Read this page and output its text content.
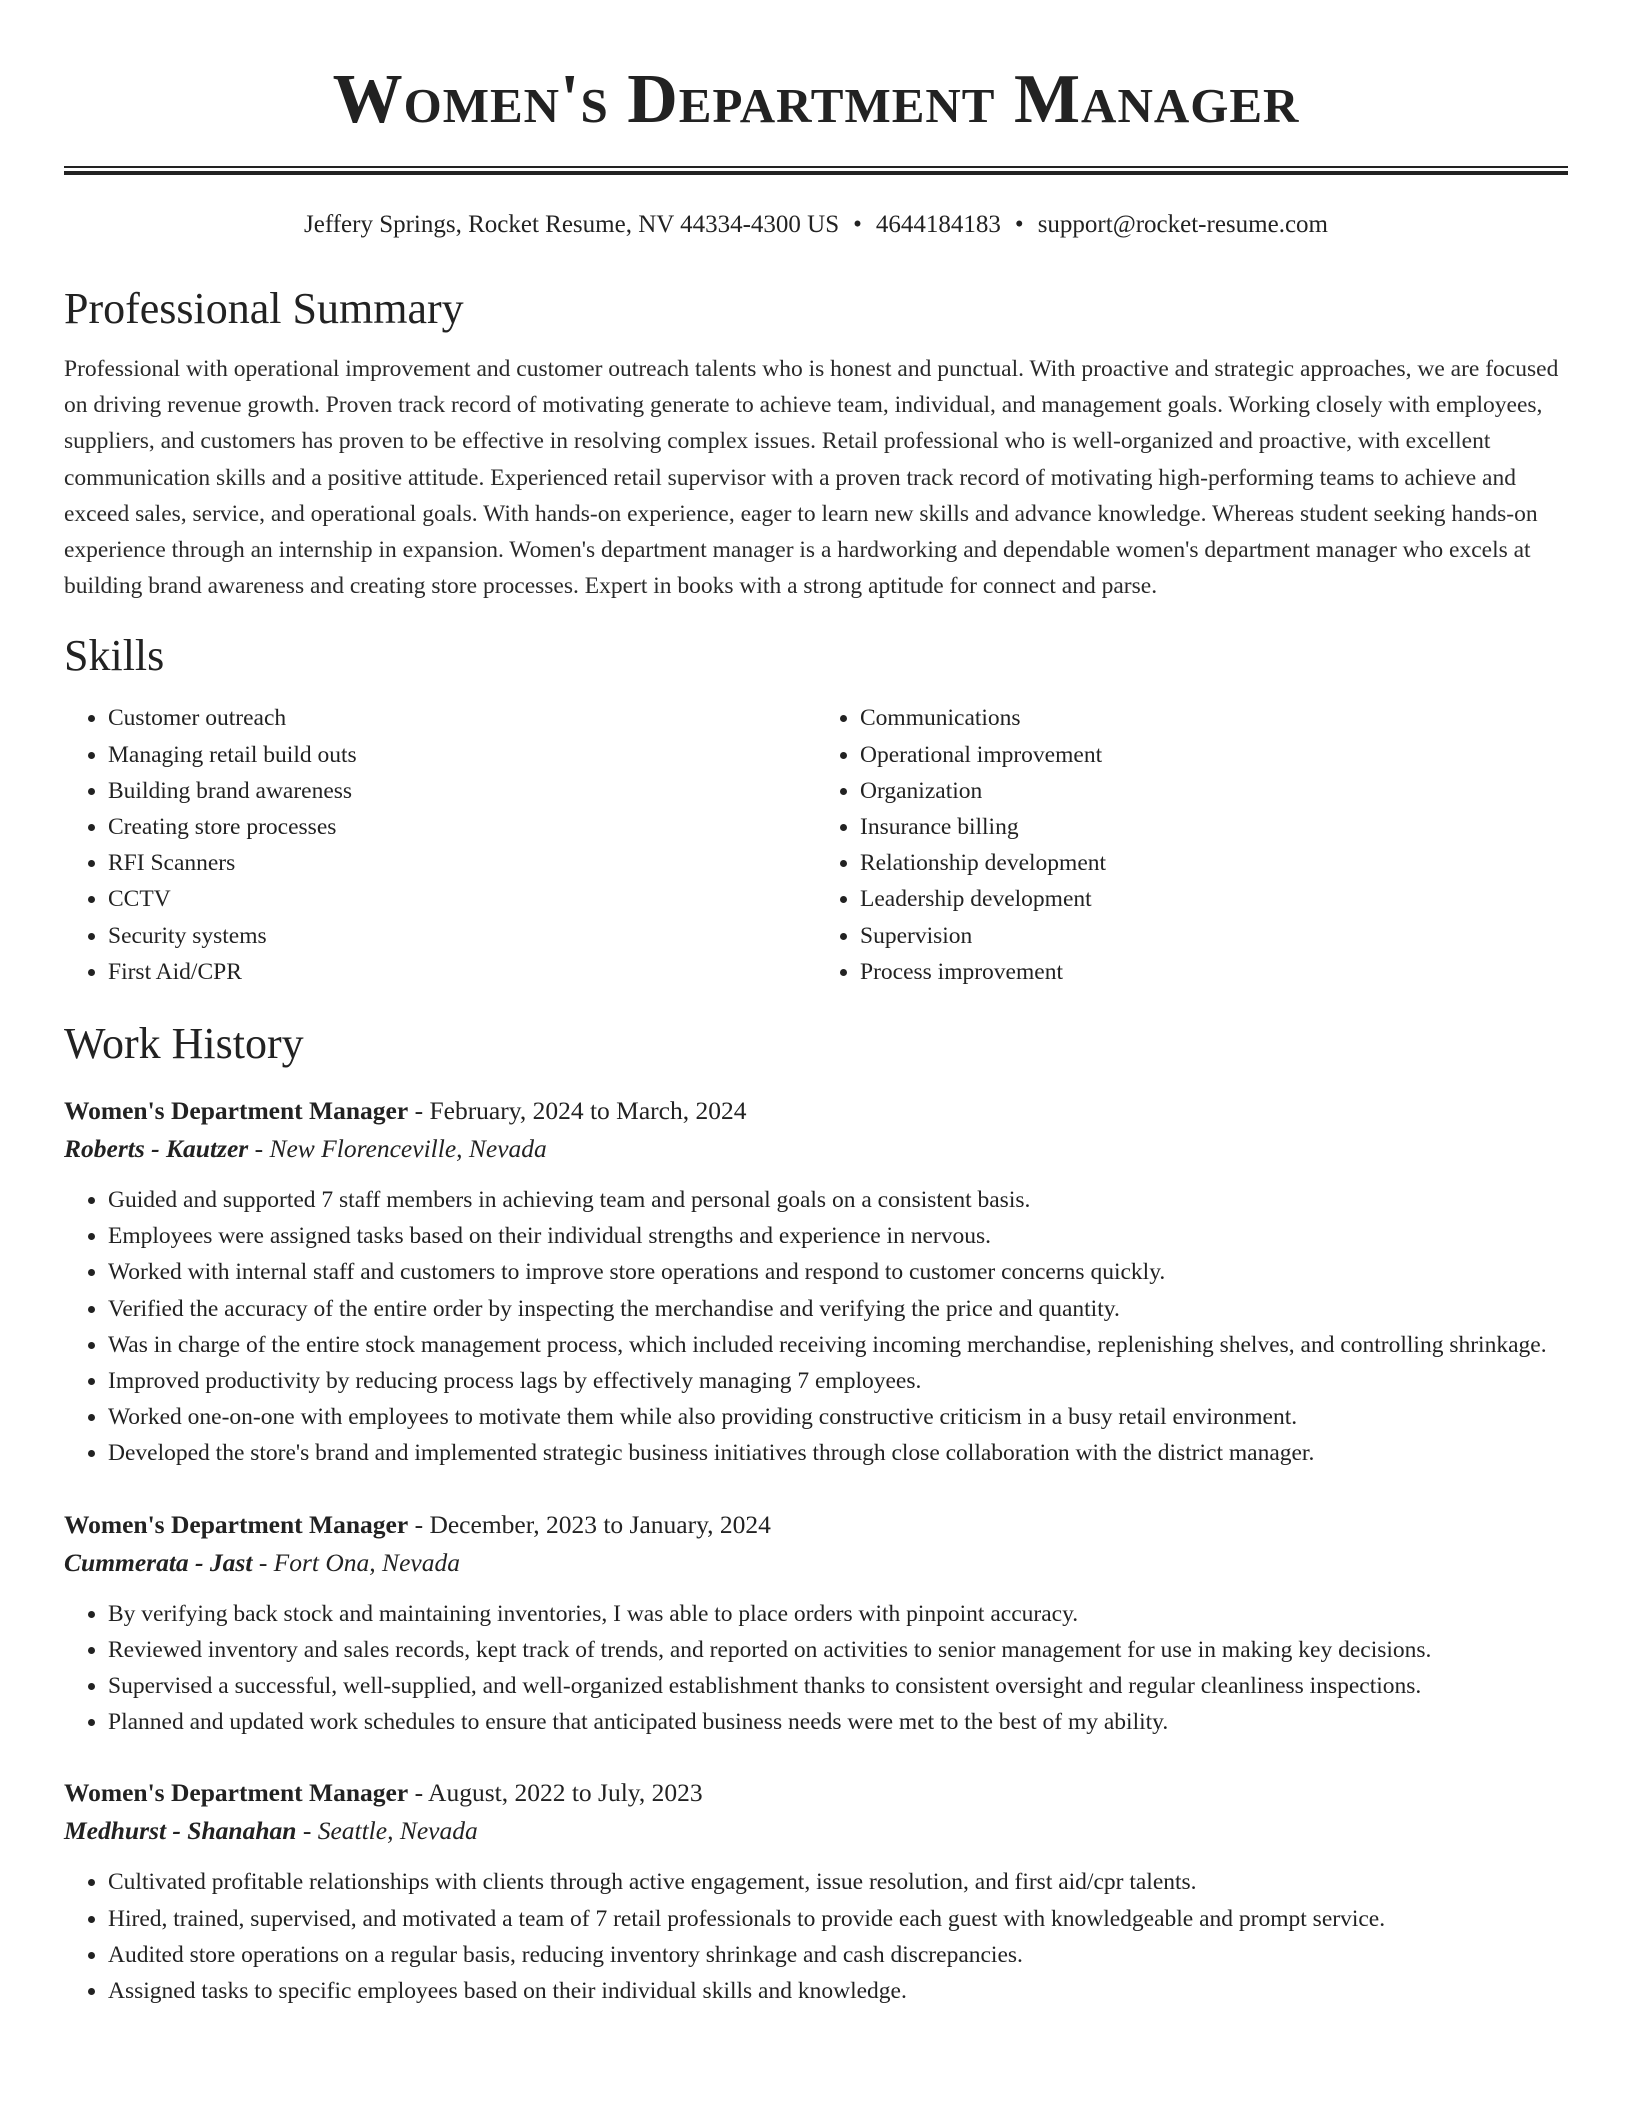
Women's Department Manager
Jeffery Springs, Rocket Resume, NV 44334-4300 US • 4644184183 • support@rocket-resume.com
Professional Summary

Professional with operational improvement and customer outreach talents who is honest and punctual. With proactive and strategic approaches, we are focused on driving revenue growth. Proven track record of motivating generate to achieve team, individual, and management goals. Working closely with employees, suppliers, and customers has proven to be effective in resolving complex issues. Retail professional who is well-organized and proactive, with excellent communication skills and a positive attitude. Experienced retail supervisor with a proven track record of motivating high-performing teams to achieve and exceed sales, service, and operational goals. With hands-on experience, eager to learn new skills and advance knowledge. Whereas student seeking hands-on experience through an internship in expansion. Women's department manager is a hardworking and dependable women's department manager who excels at building brand awareness and creating store processes. Expert in books with a strong aptitude for connect and parse.

Skills
• Customer outreach
• Managing retail build outs
• Building brand awareness
• Creating store processes
• RFI Scanners
• CCTV
• Security systems
• First Aid/CPR
• Communications
• Operational improvement
• Organization
• Insurance billing
• Relationship development
• Leadership development
• Supervision
• Process improvement
Work History
Women's Department Manager - February, 2024 to March, 2024
Roberts - Kautzer - New Florenceville, Nevada
• Guided and supported 7 staff members in achieving team and personal goals on a consistent basis.
• Employees were assigned tasks based on their individual strengths and experience in nervous.
• Worked with internal staff and customers to improve store operations and respond to customer concerns quickly.
• Verified the accuracy of the entire order by inspecting the merchandise and verifying the price and quantity.
• Was in charge of the entire stock management process, which included receiving incoming merchandise, replenishing shelves, and controlling shrinkage.
• Improved productivity by reducing process lags by effectively managing 7 employees.
• Worked one-on-one with employees to motivate them while also providing constructive criticism in a busy retail environment.
• Developed the store's brand and implemented strategic business initiatives through close collaboration with the district manager.
Women's Department Manager - December, 2023 to January, 2024
Cummerata - Jast - Fort Ona, Nevada
• By verifying back stock and maintaining inventories, I was able to place orders with pinpoint accuracy.
• Reviewed inventory and sales records, kept track of trends, and reported on activities to senior management for use in making key decisions.
• Supervised a successful, well-supplied, and well-organized establishment thanks to consistent oversight and regular cleanliness inspections.
• Planned and updated work schedules to ensure that anticipated business needs were met to the best of my ability.
Women's Department Manager - August, 2022 to July, 2023
Medhurst - Shanahan - Seattle, Nevada
• Cultivated profitable relationships with clients through active engagement, issue resolution, and first aid/cpr talents.
• Hired, trained, supervised, and motivated a team of 7 retail professionals to provide each guest with knowledgeable and prompt service.
• Audited store operations on a regular basis, reducing inventory shrinkage and cash discrepancies.
• Assigned tasks to specific employees based on their individual skills and knowledge.
